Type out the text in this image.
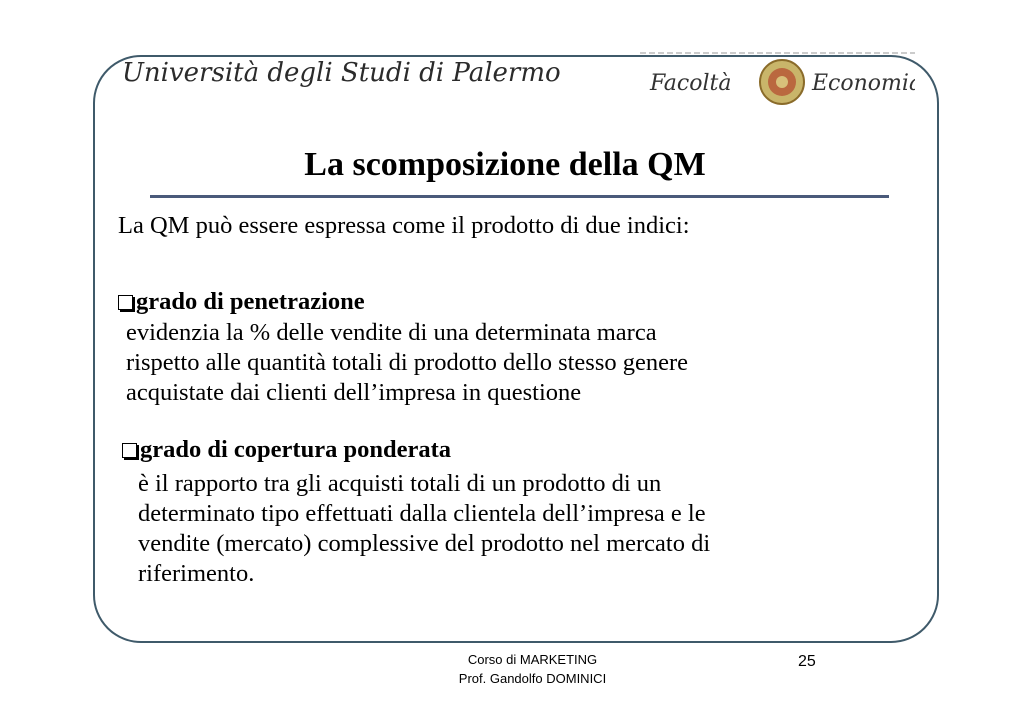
Università degli Studi di Palermo	Facoltà	Economia
La scomposizione della QM
La QM può essere espressa come il prodotto di due indici:
grado di penetrazione
evidenzia la % delle vendite di una determinata marca
rispetto alle quantità totali di prodotto dello stesso genere
acquistate dai clienti dell’impresa in questione
grado di copertura ponderata
è il rapporto tra gli acquisti totali di un prodotto di un
determinato tipo effettuati dalla clientela dell’impresa e le
vendite (mercato) complessive del prodotto nel mercato di
riferimento.
Corso di MARKETING
Prof. Gandolfo DOMINICI
25
